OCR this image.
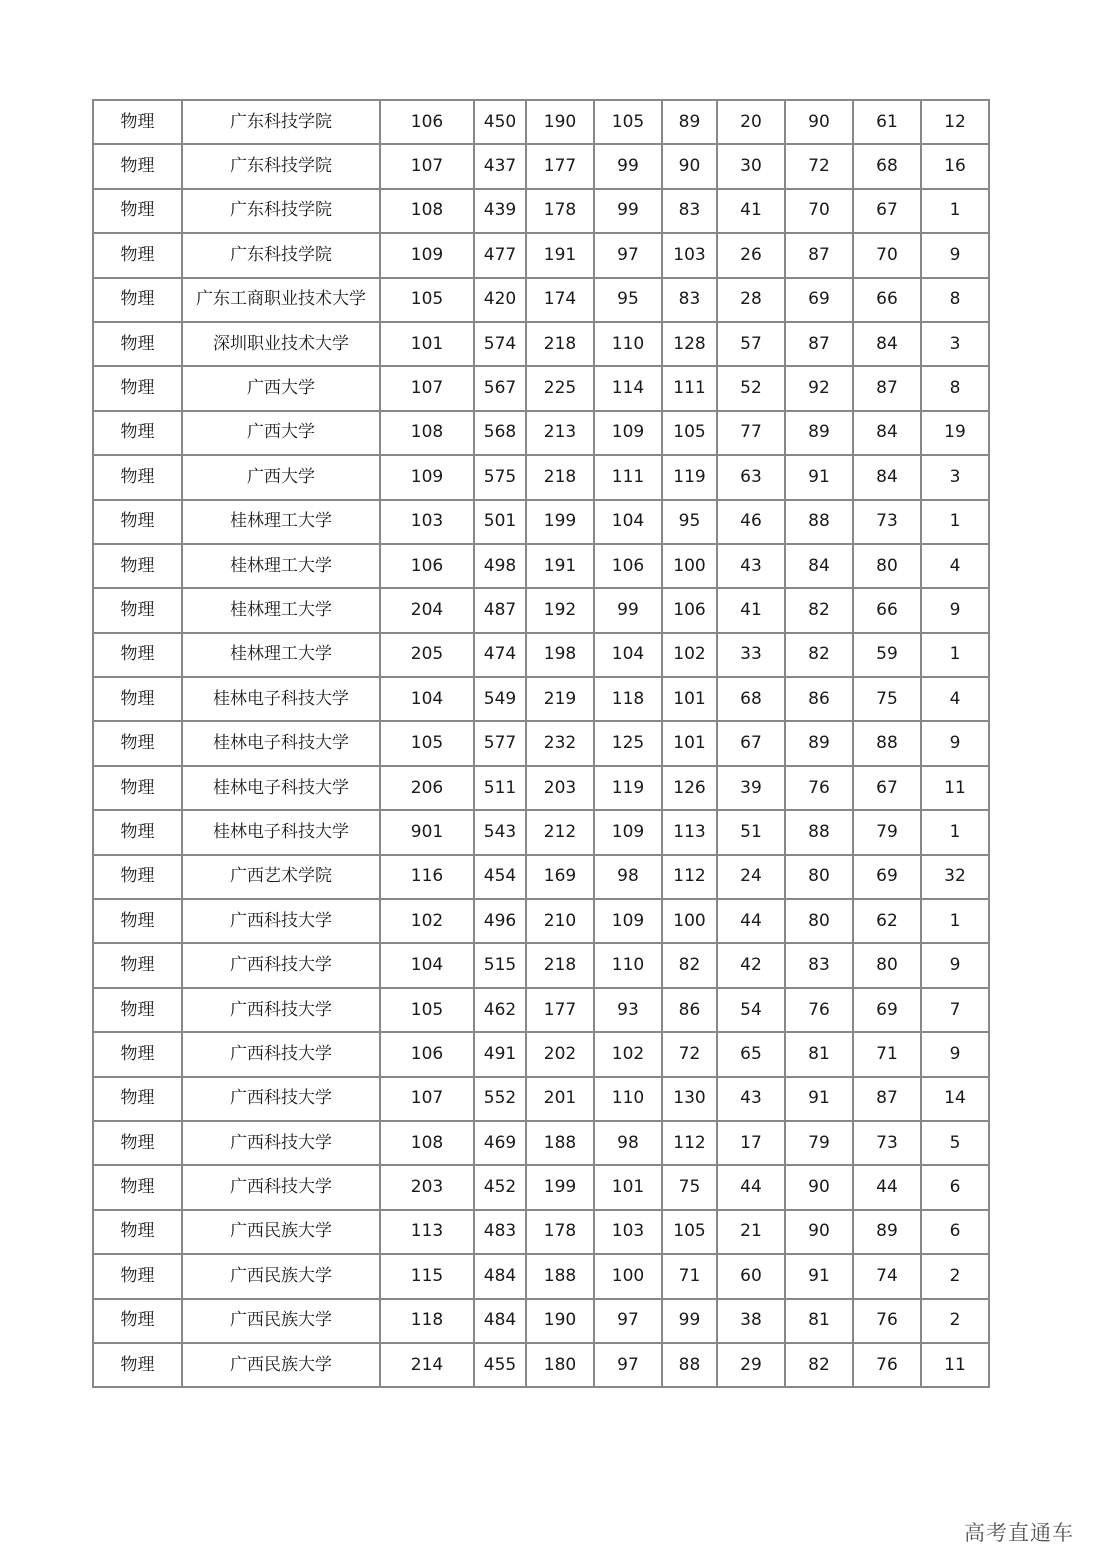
物理	广东科技学院	106	450	190	105	89	20	90	61	12
物理	广东科技学院	107	437	177	99	90	30	72	68	16
物理	广东科技学院	108	439	178	99	83	41	70	67	1
物理	广东科技学院	109	477	191	97	103	26	87	70	9
物理	广东工商职业技术大学	105	420	174	95	83	28	69	66	8
物理	深圳职业技术大学	101	574	218	110	128	57	87	84	3
物理	广西大学	107	567	225	114	111	52	92	87	8
物理	广西大学	108	568	213	109	105	77	89	84	19
物理	广西大学	109	575	218	111	119	63	91	84	3
物理	桂林理工大学	103	501	199	104	95	46	88	73	1
物理	桂林理工大学	106	498	191	106	100	43	84	80	4
物理	桂林理工大学	204	487	192	99	106	41	82	66	9
物理	桂林理工大学	205	474	198	104	102	33	82	59	1
物理	桂林电子科技大学	104	549	219	118	101	68	86	75	4
物理	桂林电子科技大学	105	577	232	125	101	67	89	88	9
物理	桂林电子科技大学	206	511	203	119	126	39	76	67	11
物理	桂林电子科技大学	901	543	212	109	113	51	88	79	1
物理	广西艺术学院	116	454	169	98	112	24	80	69	32
物理	广西科技大学	102	496	210	109	100	44	80	62	1
物理	广西科技大学	104	515	218	110	82	42	83	80	9
物理	广西科技大学	105	462	177	93	86	54	76	69	7
物理	广西科技大学	106	491	202	102	72	65	81	71	9
物理	广西科技大学	107	552	201	110	130	43	91	87	14
物理	广西科技大学	108	469	188	98	112	17	79	73	5
物理	广西科技大学	203	452	199	101	75	44	90	44	6
物理	广西民族大学	113	483	178	103	105	21	90	89	6
物理	广西民族大学	115	484	188	100	71	60	91	74	2
物理	广西民族大学	118	484	190	97	99	38	81	76	2
物理	广西民族大学	214	455	180	97	88	29	82	76	11
高考直通车
